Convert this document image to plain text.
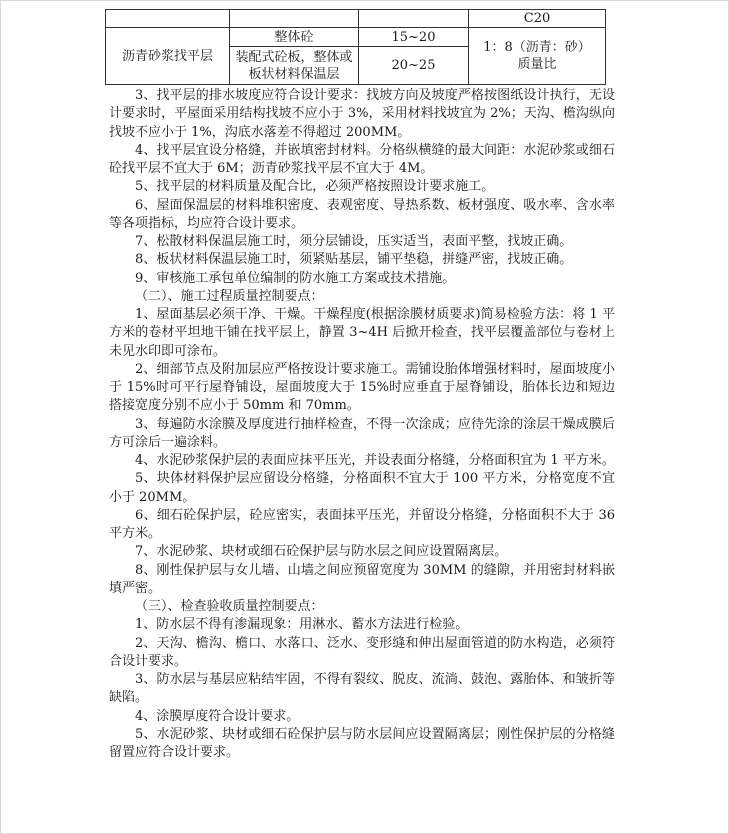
			C20
沥青砂浆找平层	整体砼	15~20	1：8（沥青：砂）质量比
	装配式砼板，整体或板状材料保温层	20~25	

3、找平层的排水坡度应符合设计要求：找坡方向及坡度严格按图纸设计执行，无设计要求时，平屋面采用结构找坡不应小于 3%，采用材料找坡宜为 2%；天沟、檐沟纵向找坡不应小于 1%，沟底水落差不得超过 200MM。

4、找平层宜设分格缝，并嵌填密封材料。分格纵横缝的最大间距：水泥砂浆或细石砼找平层不宜大于 6M；沥青砂浆找平层不宜大于 4M。

5、找平层的材料质量及配合比，必须严格按照设计要求施工。

6、屋面保温层的材料堆积密度、表观密度、导热系数、板材强度、吸水率、含水率等各项指标，均应符合设计要求。

7、松散材料保温层施工时，须分层铺设，压实适当，表面平整，找坡正确。

8、板状材料保温层施工时，须紧贴基层，铺平垫稳，拼缝严密，找坡正确。

9、审核施工承包单位编制的防水施工方案或技术措施。

（二）、施工过程质量控制要点：

1、屋面基层必须干净、干燥。干燥程度(根据涂膜材质要求)简易检验方法：将 1 平方米的卷材平坦地干铺在找平层上，静置 3~4H 后掀开检查，找平层覆盖部位与卷材上未见水印即可涂布。

2、细部节点及附加层应严格按设计要求施工。需铺设胎体增强材料时，屋面坡度小于 15%时可平行屋脊铺设，屋面坡度大于 15%时应垂直于屋脊铺设，胎体长边和短边搭接宽度分别不应小于 50mm 和 70mm。

3、每遍防水涂膜及厚度进行抽样检查，不得一次涂成；应待先涂的涂层干燥成膜后方可涂后一遍涂料。

4、水泥砂浆保护层的表面应抹平压光，并设表面分格缝，分格面积宜为 1 平方米。

5、块体材料保护层应留设分格缝，分格面积不宜大于 100 平方米，分格宽度不宜小于 20MM。

6、细石砼保护层，砼应密实，表面抹平压光，并留设分格缝，分格面积不大于 36 平方米。

7、水泥砂浆、块材或细石砼保护层与防水层之间应设置隔离层。

8、刚性保护层与女儿墙、山墙之间应预留宽度为 30MM 的缝隙，并用密封材料嵌填严密。

（三）、检查验收质量控制要点：

1、防水层不得有渗漏现象：用淋水、蓄水方法进行检验。

2、天沟、檐沟、檐口、水落口、泛水、变形缝和伸出屋面管道的防水构造，必须符合设计要求。

3、防水层与基层应粘结牢固，不得有裂纹、脱皮、流淌、鼓泡、露胎体、和皱折等缺陷。

4、涂膜厚度符合设计要求。

5、水泥砂浆、块材或细石砼保护层与防水层间应设置隔离层；刚性保护层的分格缝留置应符合设计要求。
